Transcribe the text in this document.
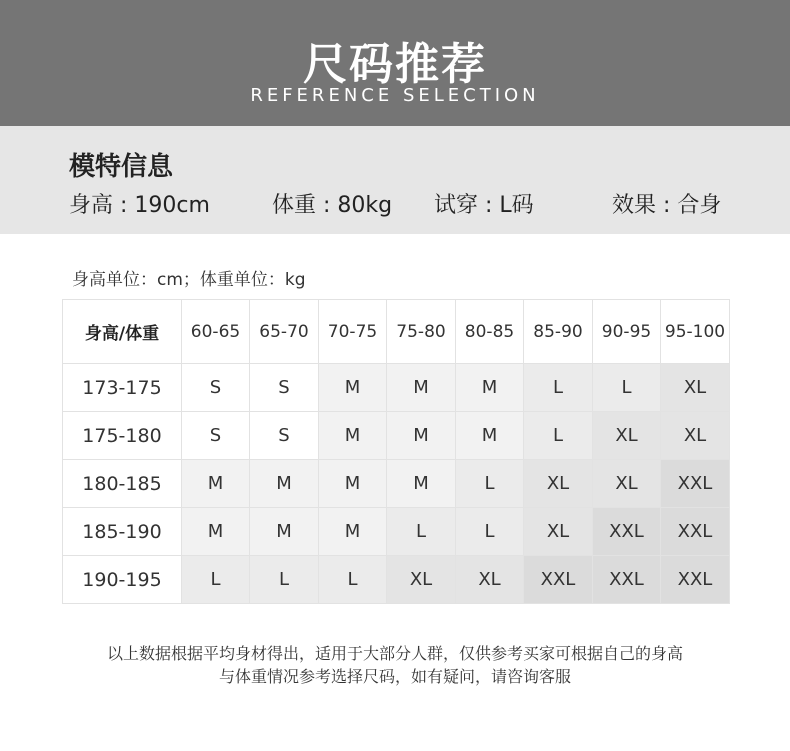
尺码推荐
REFERENCE SELECTION
模特信息
身高 : 190cm	体重 : 80kg 试穿 : L码	效果 : 合身
身高单位：cm；体重单位：kg
身高/体重	60-65	65-70	70-75	75-80	80-85	85-90	90-95	95-100
173-175	S	S	M	M	M	L	L	XL
175-180	S	S	M	M	M	L	XL	XL
180-185	M	M	M	M	L	XL	XL	XXL
185-190	M	M	M	L	L	XL	XXL	XXL
190-195	L	L	L	XL	XL	XXL	XXL	XXL
以上数据根据平均身材得出，适用于大部分人群，仅供参考买家可根据自己的身高
与体重情况参考选择尺码，如有疑问，请咨询客服
